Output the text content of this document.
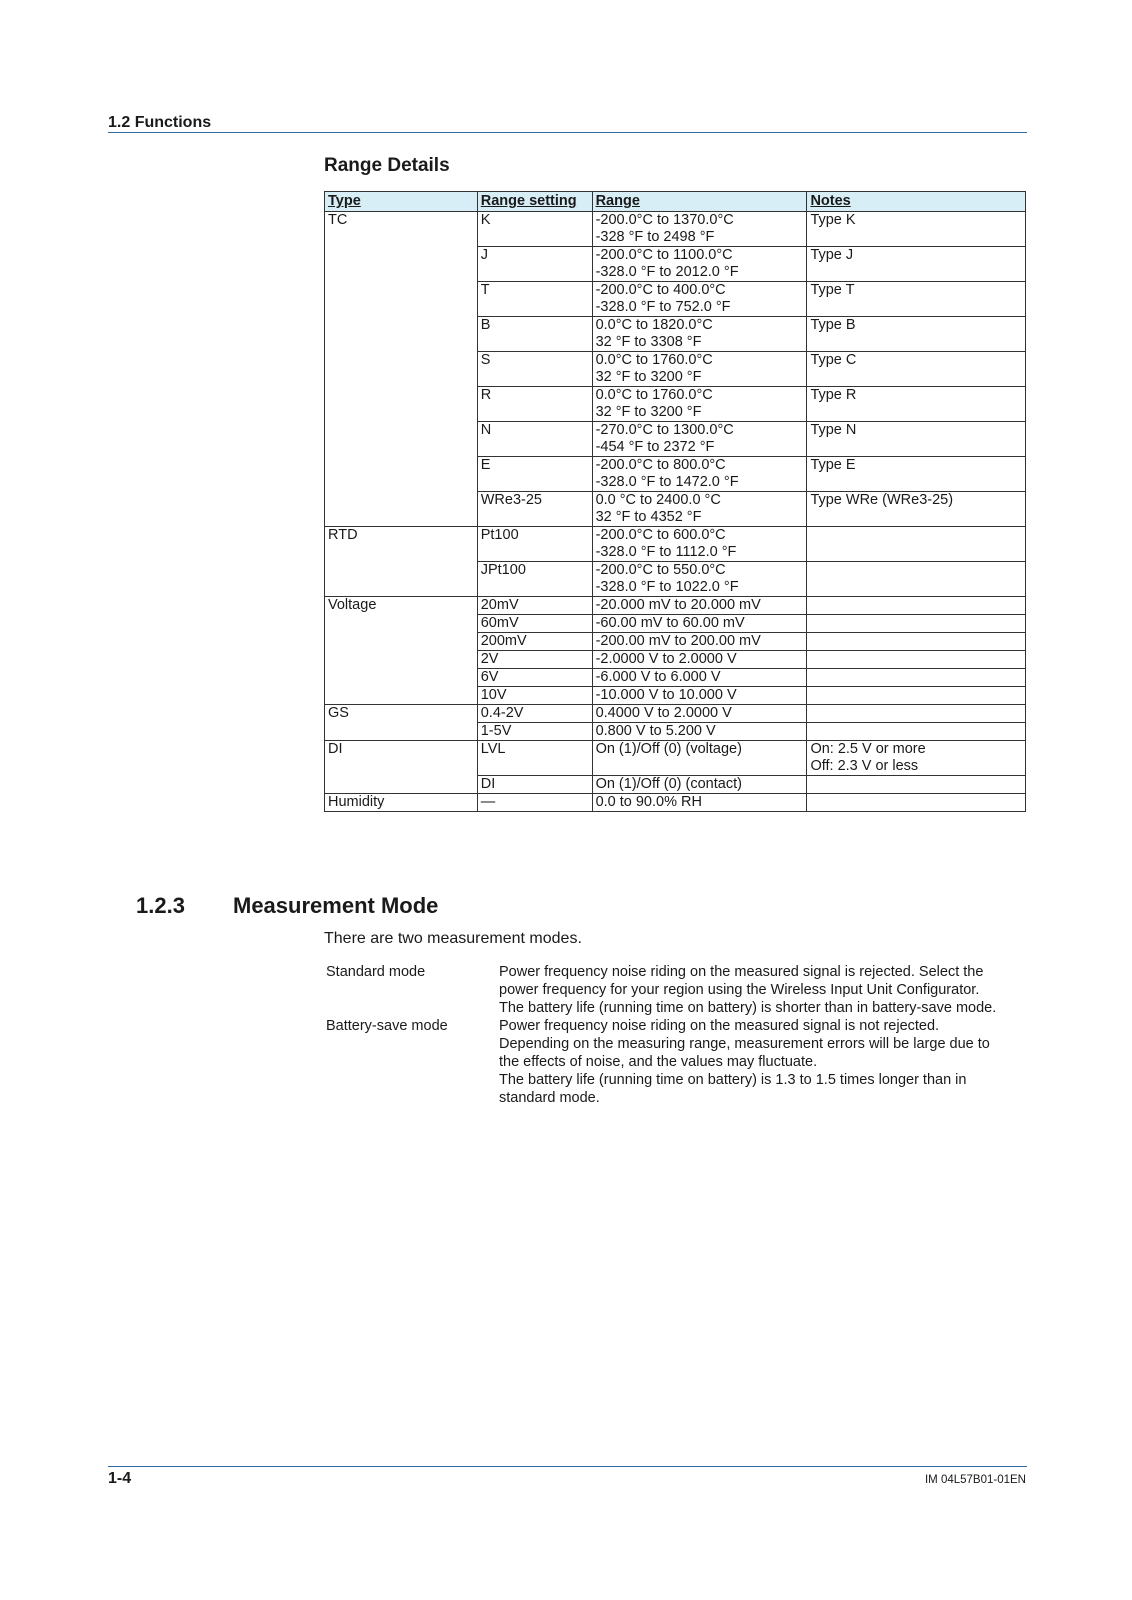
1.2 Functions
Range Details
Type	Range setting	Range	Notes
TC	K	-200.0°C to 1370.0°C
-328 °F to 2498 °F	Type K

	J	-200.0°C to 1100.0°C
-328.0 °F to 2012.0 °F	Type J

	T	-200.0°C to 400.0°C
-328.0 °F to 752.0 °F	Type T

	B	0.0°C to 1820.0°C
32 °F to 3308 °F	Type B

	S	0.0°C to 1760.0°C
32 °F to 3200 °F	Type C

	R	0.0°C to 1760.0°C
32 °F to 3200 °F	Type R

	N	-270.0°C to 1300.0°C
-454 °F to 2372 °F	Type N

	E	-200.0°C to 800.0°C
-328.0 °F to 1472.0 °F	Type E

	WRe3-25	0.0 °C to 2400.0 °C
32 °F to 4352 °F	Type WRe (WRe3-25)

RTD	Pt100	-200.0°C to 600.0°C
-328.0 °F to 1112.0 °F	

	JPt100	-200.0°C to 550.0°C
-328.0 °F to 1022.0 °F	

Voltage	20mV	-20.000 mV to 20.000 mV	

	60mV	-60.00 mV to 60.00 mV	

	200mV	-200.00 mV to 200.00 mV	

	2V	-2.0000 V to 2.0000 V	

	6V	-6.000 V to 6.000 V	

	10V	-10.000 V to 10.000 V	

GS	0.4-2V	0.4000 V to 2.0000 V	

	1-5V	0.800 V to 5.200 V	

DI	LVL	On (1)/Off (0) (voltage)	On: 2.5 V or more
Off: 2.3 V or less

	DI	On (1)/Off (0) (contact)	

Humidity	—	0.0 to 90.0% RH	

1.2.3 Measurement Mode
There are two measurement modes.
Standard mode	Power frequency noise riding on the measured signal is rejected. Select the
power frequency for your region using the Wireless Input Unit Configurator.
The battery life (running time on battery) is shorter than in battery-save mode.
Battery-save mode	Power frequency noise riding on the measured signal is not rejected.
Depending on the measuring range, measurement errors will be large due to
the effects of noise, and the values may fluctuate.
The battery life (running time on battery) is 1.3 to 1.5 times longer than in
standard mode.
1-4	IM 04L57B01-01EN
